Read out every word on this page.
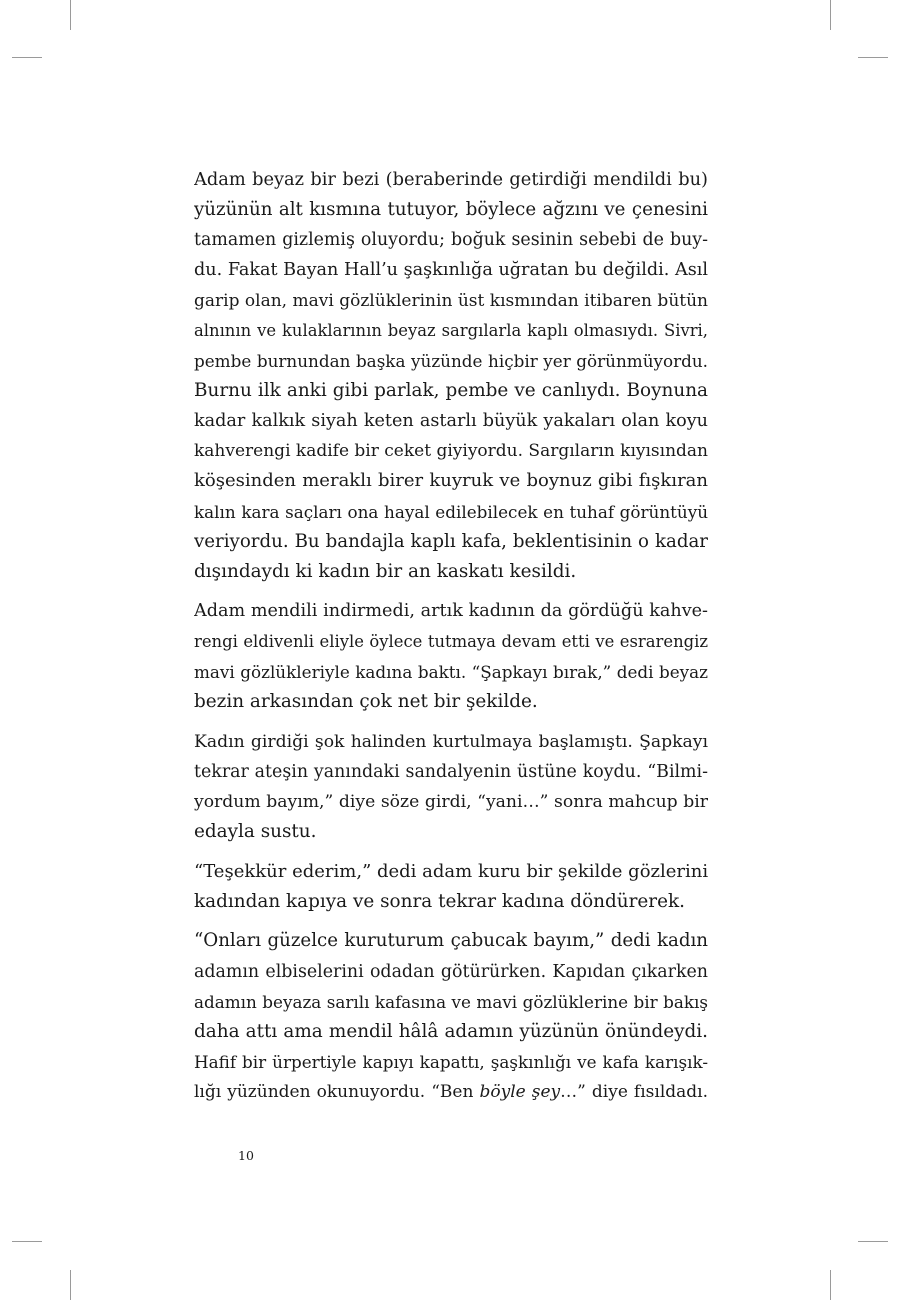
Adam beyaz bir bezi (beraberinde getirdiği mendildi bu)
yüzünün alt kısmına tutuyor, böylece ağzını ve çenesini
tamamen gizlemiş oluyordu; boğuk sesinin sebebi de buy-
du. Fakat Bayan Hall’u şaşkınlığa uğratan bu değildi. Asıl
garip olan, mavi gözlüklerinin üst kısmından itibaren bütün
alnının ve kulaklarının beyaz sargılarla kaplı olmasıydı. Sivri,
pembe burnundan başka yüzünde hiçbir yer görünmüyordu.
Burnu ilk anki gibi parlak, pembe ve canlıydı. Boynuna
kadar kalkık siyah keten astarlı büyük yakaları olan koyu
kahverengi kadife bir ceket giyiyordu. Sargıların kıyısından
köşesinden meraklı birer kuyruk ve boynuz gibi fışkıran
kalın kara saçları ona hayal edilebilecek en tuhaf görüntüyü
veriyordu. Bu bandajla kaplı kafa, beklentisinin o kadar
dışındaydı ki kadın bir an kaskatı kesildi.

Adam mendili indirmedi, artık kadının da gördüğü kahve-
rengi eldivenli eliyle öylece tutmaya devam etti ve esrarengiz
mavi gözlükleriyle kadına baktı. “Şapkayı bırak,” dedi beyaz
bezin arkasından çok net bir şekilde.

Kadın girdiği şok halinden kurtulmaya başlamıştı. Şapkayı
tekrar ateşin yanındaki sandalyenin üstüne koydu. “Bilmi-
yordum bayım,” diye söze girdi, “yani…” sonra mahcup bir
edayla sustu.

“Teşekkür ederim,” dedi adam kuru bir şekilde gözlerini
kadından kapıya ve sonra tekrar kadına döndürerek.

“Onları güzelce kuruturum çabucak bayım,” dedi kadın
adamın elbiselerini odadan götürürken. Kapıdan çıkarken
adamın beyaza sarılı kafasına ve mavi gözlüklerine bir bakış
daha attı ama mendil hâlâ adamın yüzünün önündeydi.
Hafif bir ürpertiyle kapıyı kapattı, şaşkınlığı ve kafa karışık-
lığı yüzünden okunuyordu. “Ben böyle şey…” diye fısıldadı.

10
